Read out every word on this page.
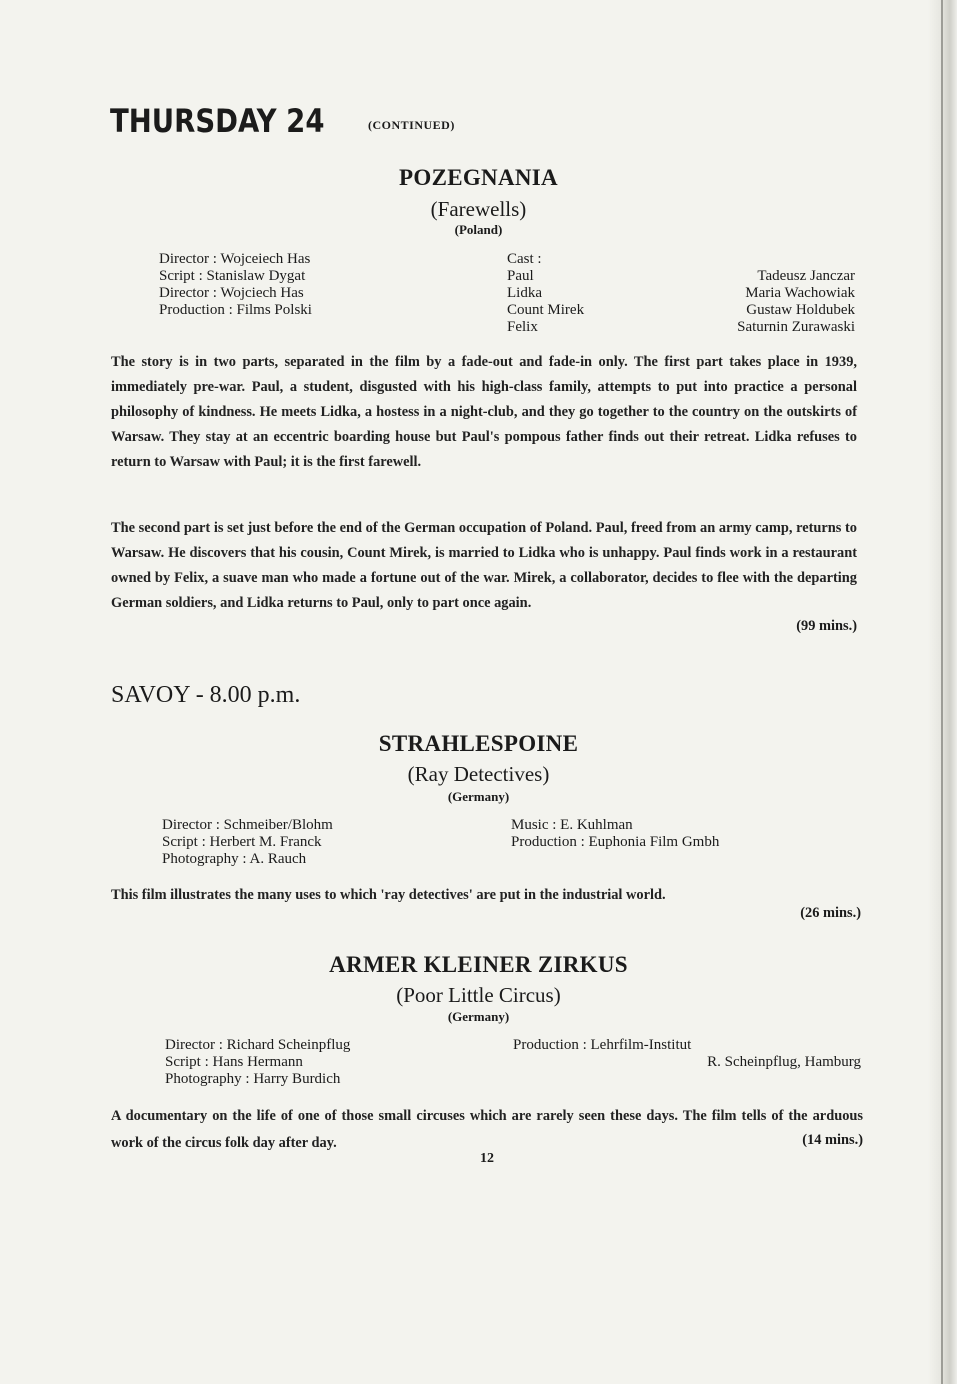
THURSDAY 24	(CONTINUED)
POZEGNANIA
(Farewells)
(Poland)
Director : Wojceiech Has
Script : Stanislaw Dygat
Director : Wojciech Has
Production : Films Polski
Cast :
Paul
Lidka
Count Mirek
Felix
Tadeusz Janczar
Maria Wachowiak
Gustaw Holdubek
Saturnin Zurawaski
The story is in two parts, separated in the film by a fade-out and fade-in only. The first part takes place in 1939, immediately pre-war. Paul, a student, disgusted with his high-class family, attempts to put into practice a personal philosophy of kindness. He meets Lidka, a hostess in a night-club, and they go together to the country on the outskirts of Warsaw. They stay at an eccentric boarding house but Paul's pompous father finds out their retreat. Lidka refuses to return to Warsaw with Paul; it is the first farewell.
The second part is set just before the end of the German occupation of Poland. Paul, freed from an army camp, returns to Warsaw. He discovers that his cousin, Count Mirek, is married to Lidka who is unhappy. Paul finds work in a restaurant owned by Felix, a suave man who made a fortune out of the war. Mirek, a collaborator, decides to flee with the departing German soldiers, and Lidka returns to Paul, only to part once again.
(99 mins.)
SAVOY - 8.00 p.m.
STRAHLESPOINE
(Ray Detectives)
(Germany)
Director : Schmeiber/Blohm
Script : Herbert M. Franck
Photography : A. Rauch
Music : E. Kuhlman
Production : Euphonia Film Gmbh
This film illustrates the many uses to which 'ray detectives' are put in the industrial world.
(26 mins.)
ARMER KLEINER ZIRKUS
(Poor Little Circus)
(Germany)
Director : Richard Scheinpflug
Script : Hans Hermann
Photography : Harry Burdich
Production : Lehrfilm-Institut
R. Scheinpflug, Hamburg
A documentary on the life of one of those small circuses which are rarely seen these days. The film tells of the arduous work of the circus folk day after day.	(14 mins.)
12
